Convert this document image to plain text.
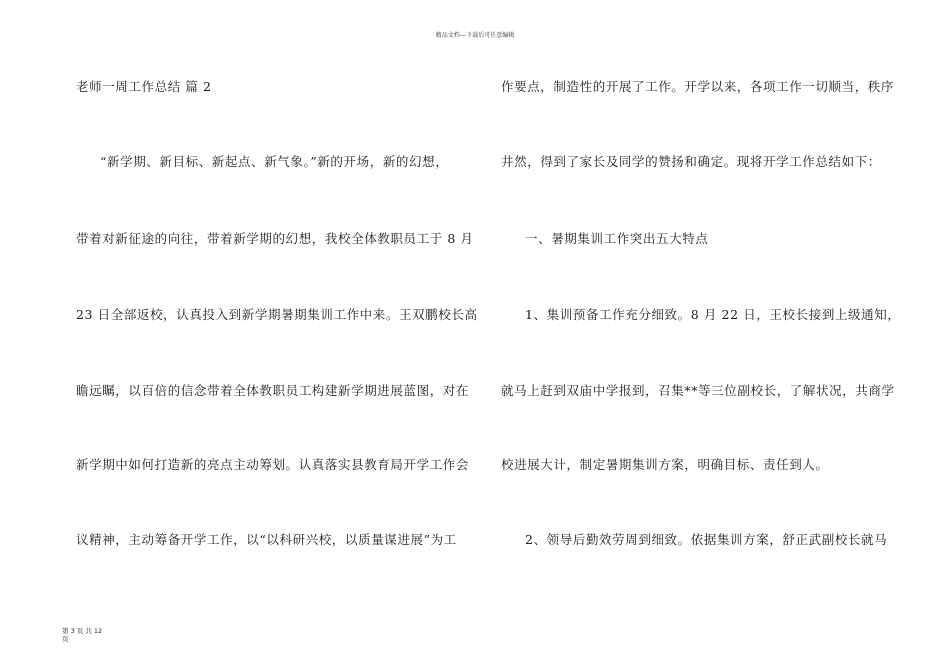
精品文档---下载后可任意编辑
老师一周工作总结 篇 2
“新学期、新目标、新起点、新气象。”新的开场，新的幻想，
带着对新征途的向往，带着新学期的幻想，我校全体教职员工于 8 月
23 日全部返校，认真投入到新学期暑期集训工作中来。王双鹏校长高
瞻远瞩，以百倍的信念带着全体教职员工构建新学期进展蓝图，对在
新学期中如何打造新的亮点主动筹划。认真落实县教育局开学工作会
议精神，主动筹备开学工作，以“以科研兴校，以质量谋进展”为工
作要点，制造性的开展了工作。开学以来，各项工作一切顺当，秩序
井然，得到了家长及同学的赞扬和确定。现将开学工作总结如下：
一、暑期集训工作突出五大特点
1、集训预备工作充分细致。8 月 22 日，王校长接到上级通知，
就马上赶到双庙中学报到，召集**等三位副校长，了解状况，共商学
校进展大计，制定暑期集训方案，明确目标、责任到人。
2、领导后勤效劳周到细致。依据集训方案，舒正武副校长就马
第 3 页 共 12
页
